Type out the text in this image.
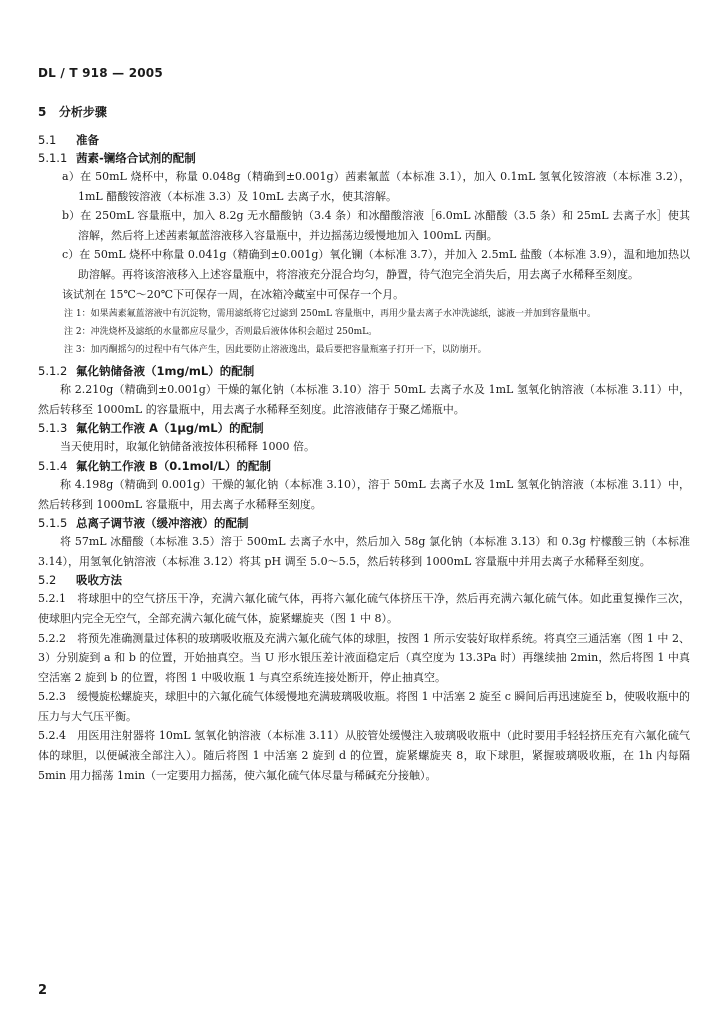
DL / T 918 — 2005

5 分析步骤

5.1 准备

5.1.1 茜素-镧络合试剂的配制

a）在 50mL 烧杯中，称量 0.048g（精确到±0.001g）茜素氟蓝（本标准 3.1），加入 0.1mL 氢氧化铵溶液（本标准 3.2），1mL 醋酸铵溶液（本标准 3.3）及 10mL 去离子水，使其溶解。

b）在 250mL 容量瓶中，加入 8.2g 无水醋酸钠（3.4 条）和冰醋酸溶液［6.0mL 冰醋酸（3.5 条）和 25mL 去离子水］使其溶解，然后将上述茜素氟蓝溶液移入容量瓶中，并边摇荡边缓慢地加入 100mL 丙酮。

c）在 50mL 烧杯中称量 0.041g（精确到±0.001g）氧化镧（本标准 3.7），并加入 2.5mL 盐酸（本标准 3.9），温和地加热以助溶解。再将该溶液移入上述容量瓶中，将溶液充分混合均匀，静置，待气泡完全消失后，用去离子水稀释至刻度。

该试剂在 15℃～20℃下可保存一周，在冰箱冷藏室中可保存一个月。

注 1：如果茜素氟蓝溶液中有沉淀物，需用滤纸将它过滤到 250mL 容量瓶中，再用少量去离子水冲洗滤纸，滤液一并加到容量瓶中。

注 2：冲洗烧杯及滤纸的水量都应尽量少，否则最后液体体积会超过 250mL。

注 3：加丙酮摇匀的过程中有气体产生，因此要防止溶液逸出，最后要把容量瓶塞子打开一下，以防崩开。

5.1.2 氟化钠储备液（1mg/mL）的配制

称 2.210g（精确到±0.001g）干燥的氟化钠（本标准 3.10）溶于 50mL 去离子水及 1mL 氢氧化钠溶液（本标准 3.11）中，然后转移至 1000mL 的容量瓶中，用去离子水稀释至刻度。此溶液储存于聚乙烯瓶中。

5.1.3 氟化钠工作液 A（1μg/mL）的配制

当天使用时，取氟化钠储备液按体积稀释 1000 倍。

5.1.4 氟化钠工作液 B（0.1mol/L）的配制

称 4.198g（精确到 0.001g）干燥的氟化钠（本标准 3.10），溶于 50mL 去离子水及 1mL 氢氧化钠溶液（本标准 3.11）中，然后转移到 1000mL 容量瓶中，用去离子水稀释至刻度。

5.1.5 总离子调节液（缓冲溶液）的配制

将 57mL 冰醋酸（本标准 3.5）溶于 500mL 去离子水中，然后加入 58g 氯化钠（本标准 3.13）和 0.3g 柠檬酸三钠（本标准 3.14），用氢氧化钠溶液（本标准 3.12）将其 pH 调至 5.0～5.5，然后转移到 1000mL 容量瓶中并用去离子水稀释至刻度。

5.2 吸收方法

5.2.1　将球胆中的空气挤压干净，充满六氟化硫气体，再将六氟化硫气体挤压干净，然后再充满六氟化硫气体。如此重复操作三次，使球胆内完全无空气，全部充满六氟化硫气体，旋紧螺旋夹（图 1 中 8）。

5.2.2　将预先准确测量过体积的玻璃吸收瓶及充满六氟化硫气体的球胆，按图 1 所示安装好取样系统。将真空三通活塞（图 1 中 2、3）分别旋到 a 和 b 的位置，开始抽真空。当 U 形水银压差计液面稳定后（真空度为 13.3Pa 时）再继续抽 2min，然后将图 1 中真空活塞 2 旋到 b 的位置，将图 1 中吸收瓶 1 与真空系统连接处断开，停止抽真空。

5.2.3　缓慢旋松螺旋夹，球胆中的六氟化硫气体缓慢地充满玻璃吸收瓶。将图 1 中活塞 2 旋至 c 瞬间后再迅速旋至 b，使吸收瓶中的压力与大气压平衡。

5.2.4　用医用注射器将 10mL 氢氧化钠溶液（本标准 3.11）从胶管处缓慢注入玻璃吸收瓶中（此时要用手轻轻挤压充有六氟化硫气体的球胆，以便碱液全部注入）。随后将图 1 中活塞 2 旋到 d 的位置，旋紧螺旋夹 8，取下球胆，紧握玻璃吸收瓶，在 1h 内每隔 5min 用力摇荡 1min（一定要用力摇荡，使六氟化硫气体尽量与稀碱充分接触）。

2
